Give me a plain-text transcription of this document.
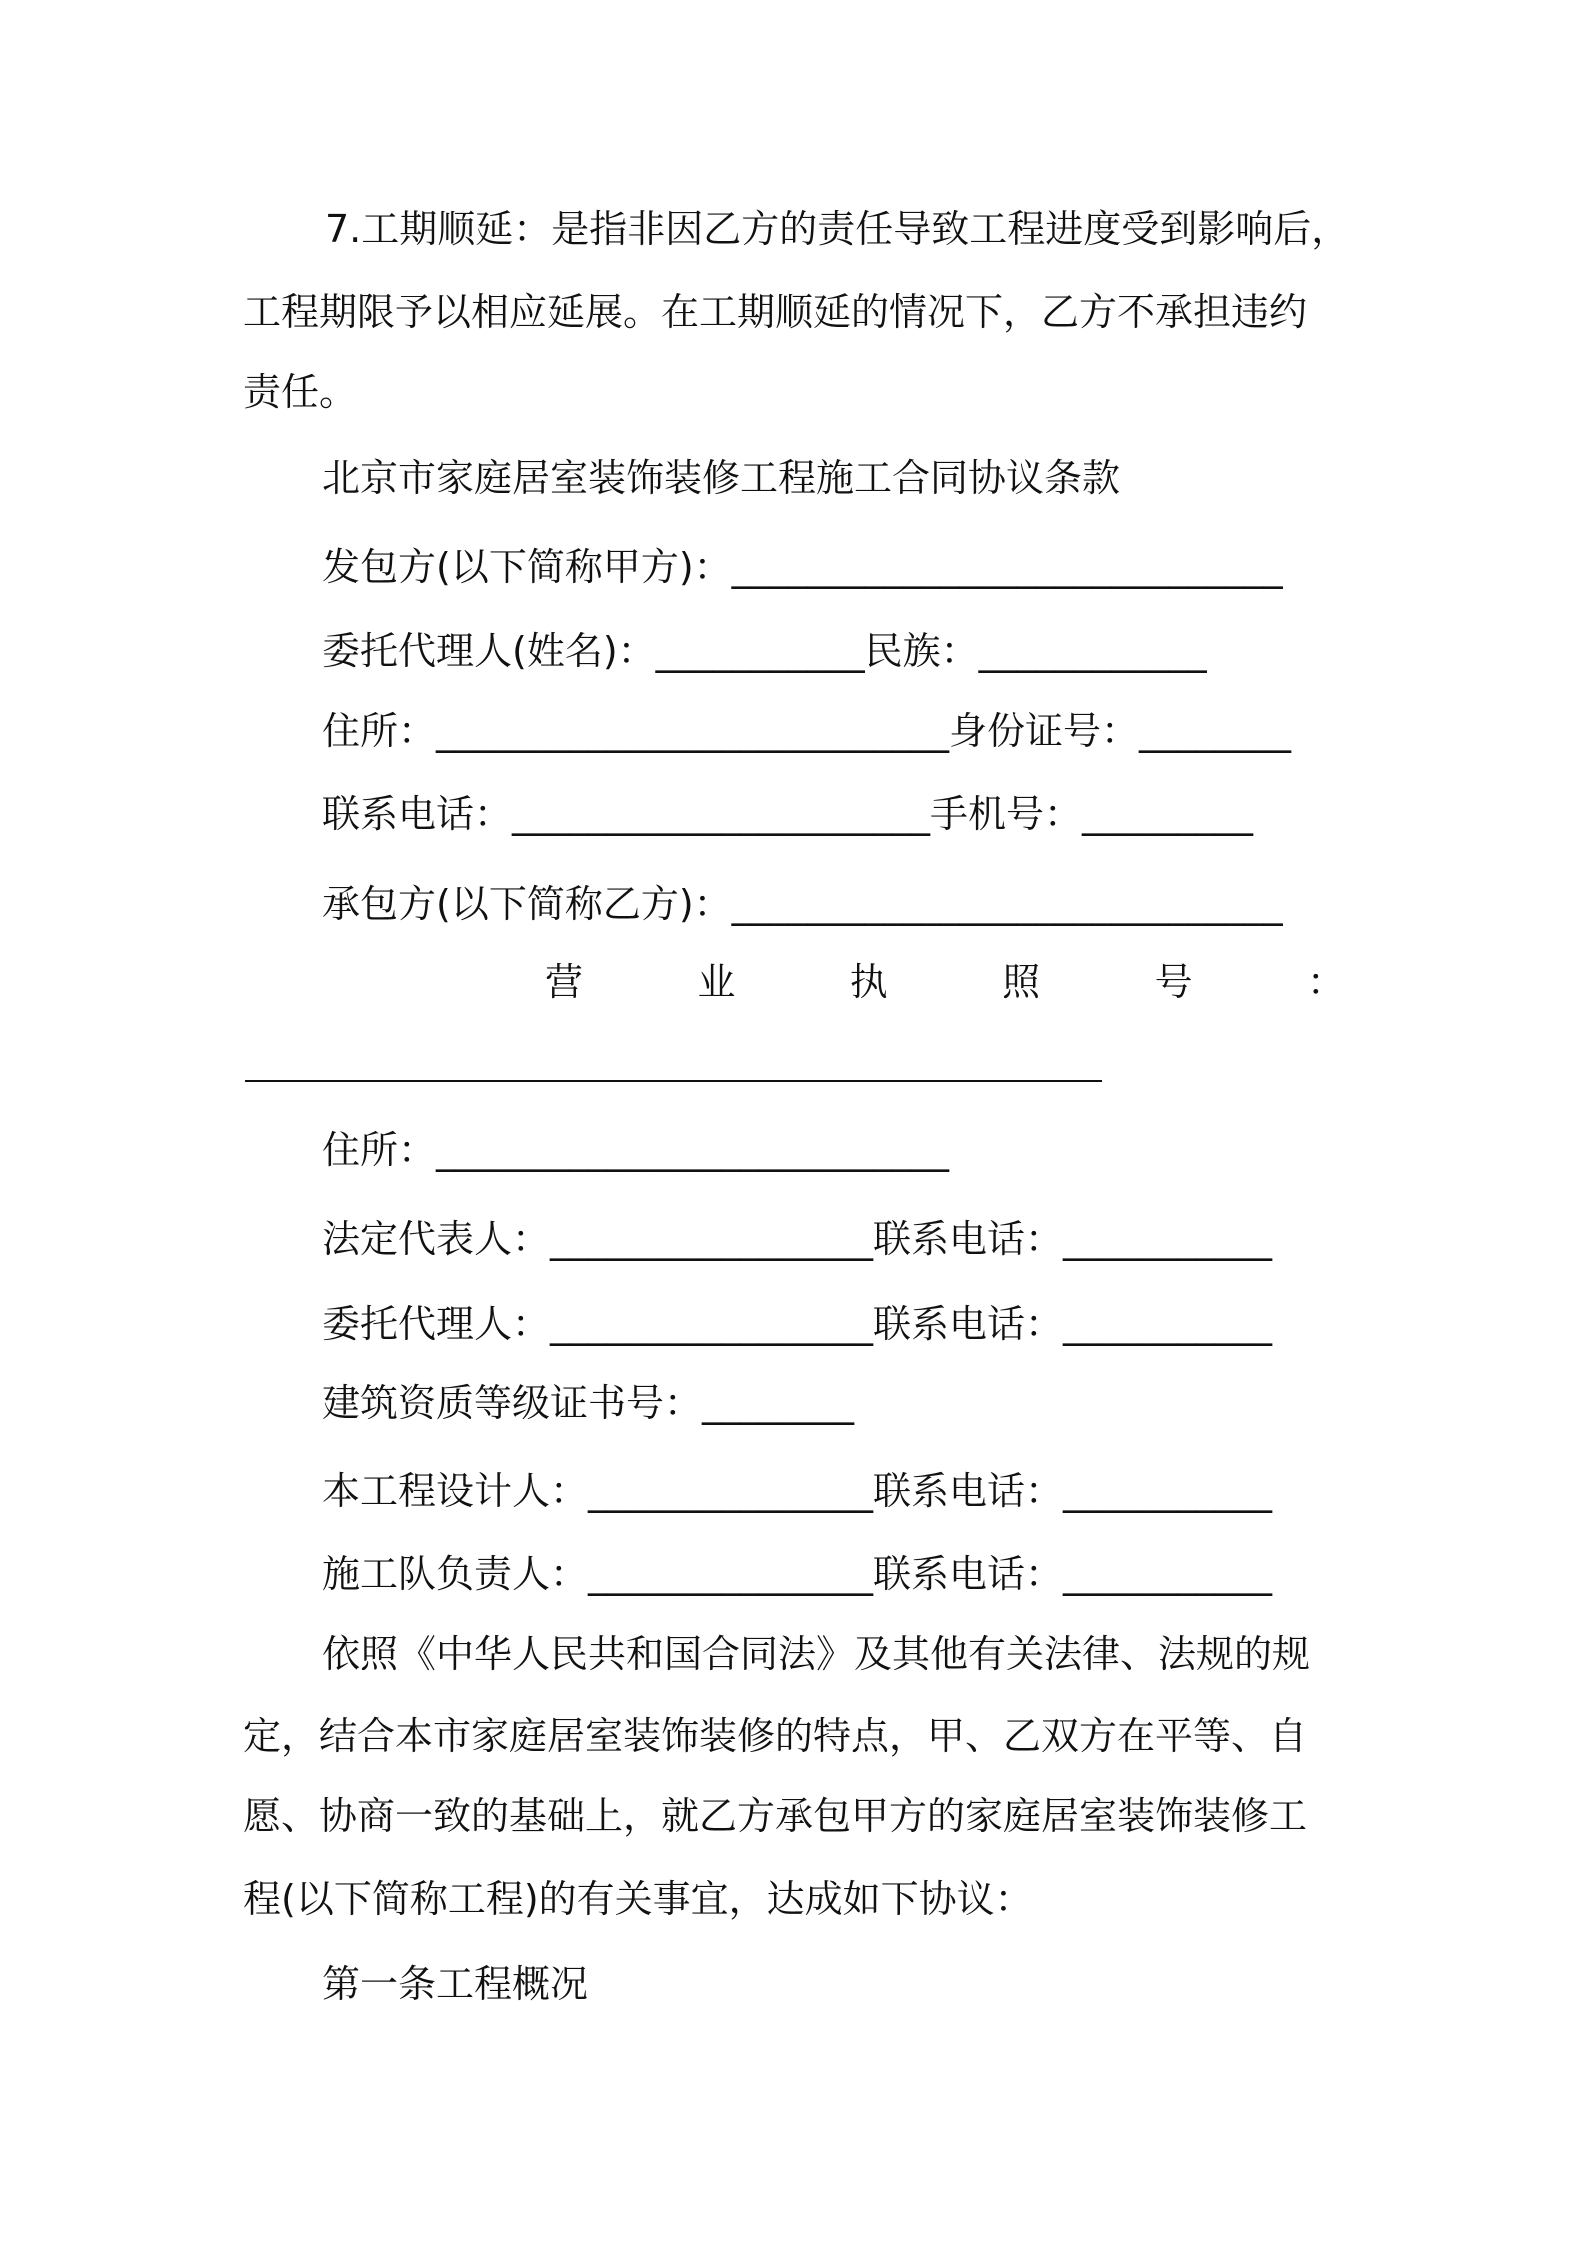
7.工期顺延：是指非因乙方的责任导致工程进度受到影响后，
工程期限予以相应延展。在工期顺延的情况下，乙方不承担违约
责任。
北京市家庭居室装饰装修工程施工合同协议条款
发包方(以下简称甲方)：_____________________________
委托代理人(姓名)：___________民族：____________
住所：___________________________身份证号：________
联系电话：______________________手机号：_________
承包方(以下简称乙方)：_____________________________
营	业	执	照	号	：
住所：___________________________
法定代表人：_________________联系电话：___________
委托代理人：_________________联系电话：___________
建筑资质等级证书号：________
本工程设计人：_______________联系电话：___________
施工队负责人：_______________联系电话：___________
依照《中华人民共和国合同法》及其他有关法律、法规的规
定，结合本市家庭居室装饰装修的特点，甲、乙双方在平等、自
愿、协商一致的基础上，就乙方承包甲方的家庭居室装饰装修工
程(以下简称工程)的有关事宜，达成如下协议：
第一条工程概况
